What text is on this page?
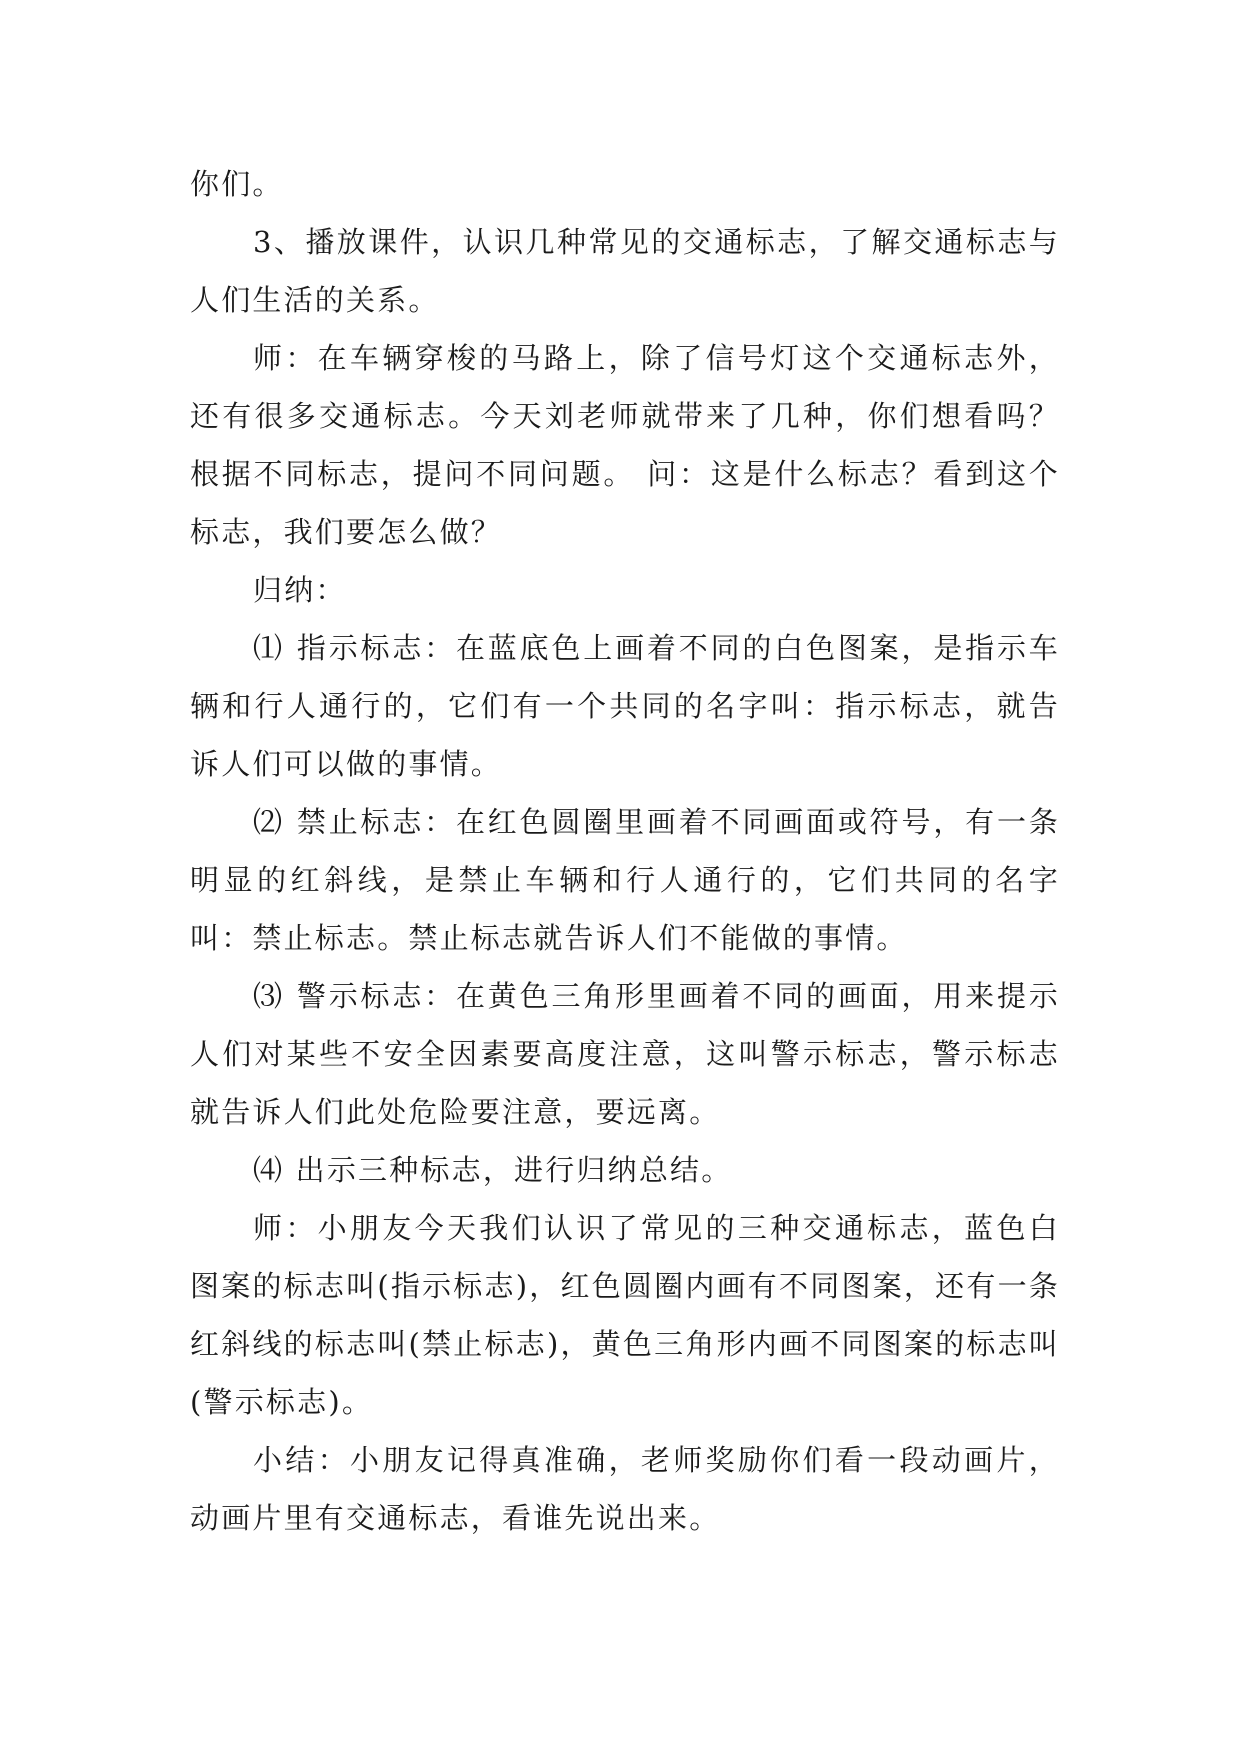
你们。

3、播放课件，认识几种常见的交通标志，了解交通标志与人们生活的关系。

师：在车辆穿梭的马路上，除了信号灯这个交通标志外，还有很多交通标志。今天刘老师就带来了几种，你们想看吗？根据不同标志，提问不同问题。 问：这是什么标志？看到这个标志，我们要怎么做？

归纳：

⑴ 指示标志：在蓝底色上画着不同的白色图案，是指示车辆和行人通行的，它们有一个共同的名字叫：指示标志，就告诉人们可以做的事情。

⑵ 禁止标志：在红色圆圈里画着不同画面或符号，有一条明显的红斜线，是禁止车辆和行人通行的，它们共同的名字叫：禁止标志。禁止标志就告诉人们不能做的事情。

⑶ 警示标志：在黄色三角形里画着不同的画面，用来提示人们对某些不安全因素要高度注意，这叫警示标志，警示标志就告诉人们此处危险要注意，要远离。

⑷ 出示三种标志，进行归纳总结。

师：小朋友今天我们认识了常见的三种交通标志，蓝色白图案的标志叫(指示标志)，红色圆圈内画有不同图案，还有一条红斜线的标志叫(禁止标志)，黄色三角形内画不同图案的标志叫(警示标志)。

小结：小朋友记得真准确，老师奖励你们看一段动画片，动画片里有交通标志，看谁先说出来。
